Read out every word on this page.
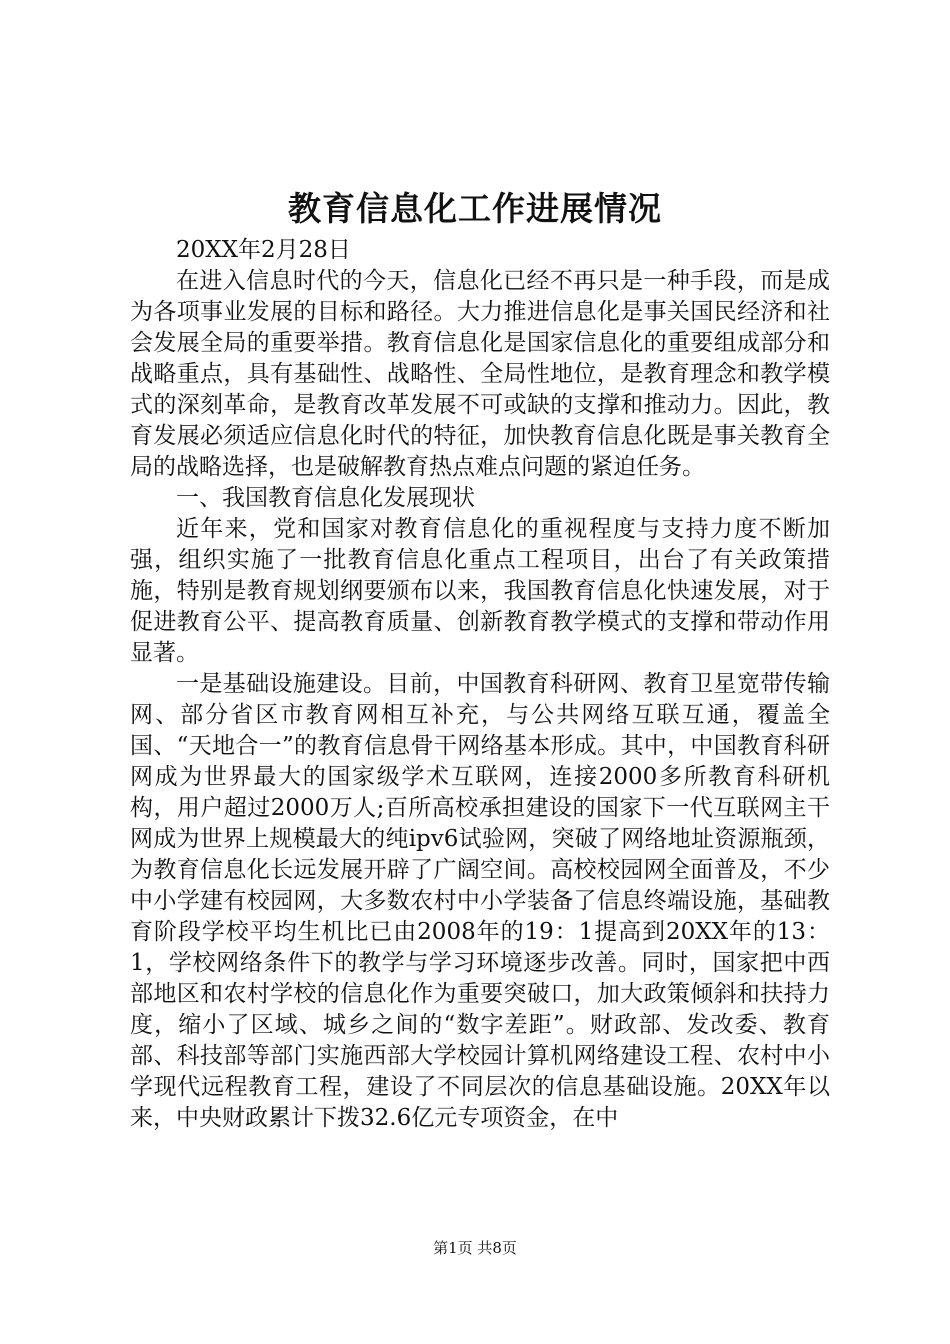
教育信息化工作进展情况

20XX年2月28日

在进入信息时代的今天，信息化已经不再只是一种手段，而是成为各项事业发展的目标和路径。大力推进信息化是事关国民经济和社会发展全局的重要举措。教育信息化是国家信息化的重要组成部分和战略重点，具有基础性、战略性、全局性地位，是教育理念和教学模式的深刻革命，是教育改革发展不可或缺的支撑和推动力。因此，教育发展必须适应信息化时代的特征，加快教育信息化既是事关教育全局的战略选择，也是破解教育热点难点问题的紧迫任务。

一、我国教育信息化发展现状

近年来，党和国家对教育信息化的重视程度与支持力度不断加强，组织实施了一批教育信息化重点工程项目，出台了有关政策措施，特别是教育规划纲要颁布以来，我国教育信息化快速发展，对于促进教育公平、提高教育质量、创新教育教学模式的支撑和带动作用显著。

一是基础设施建设。目前，中国教育科研网、教育卫星宽带传输网、部分省区市教育网相互补充，与公共网络互联互通，覆盖全国、“天地合一”的教育信息骨干网络基本形成。其中，中国教育科研网成为世界最大的国家级学术互联网，连接2000多所教育科研机构，用户超过2000万人;百所高校承担建设的国家下一代互联网主干网成为世界上规模最大的纯ipv6试验网，突破了网络地址资源瓶颈，为教育信息化长远发展开辟了广阔空间。高校校园网全面普及，不少中小学建有校园网，大多数农村中小学装备了信息终端设施，基础教育阶段学校平均生机比已由2008年的19：1提高到20XX年的13：1，学校网络条件下的教学与学习环境逐步改善。同时，国家把中西部地区和农村学校的信息化作为重要突破口，加大政策倾斜和扶持力度，缩小了区域、城乡之间的“数字差距”。财政部、发改委、教育部、科技部等部门实施西部大学校园计算机网络建设工程、农村中小学现代远程教育工程，建设了不同层次的信息基础设施。20XX年以来，中央财政累计下拨32.6亿元专项资金，在中

第1页 共8页
